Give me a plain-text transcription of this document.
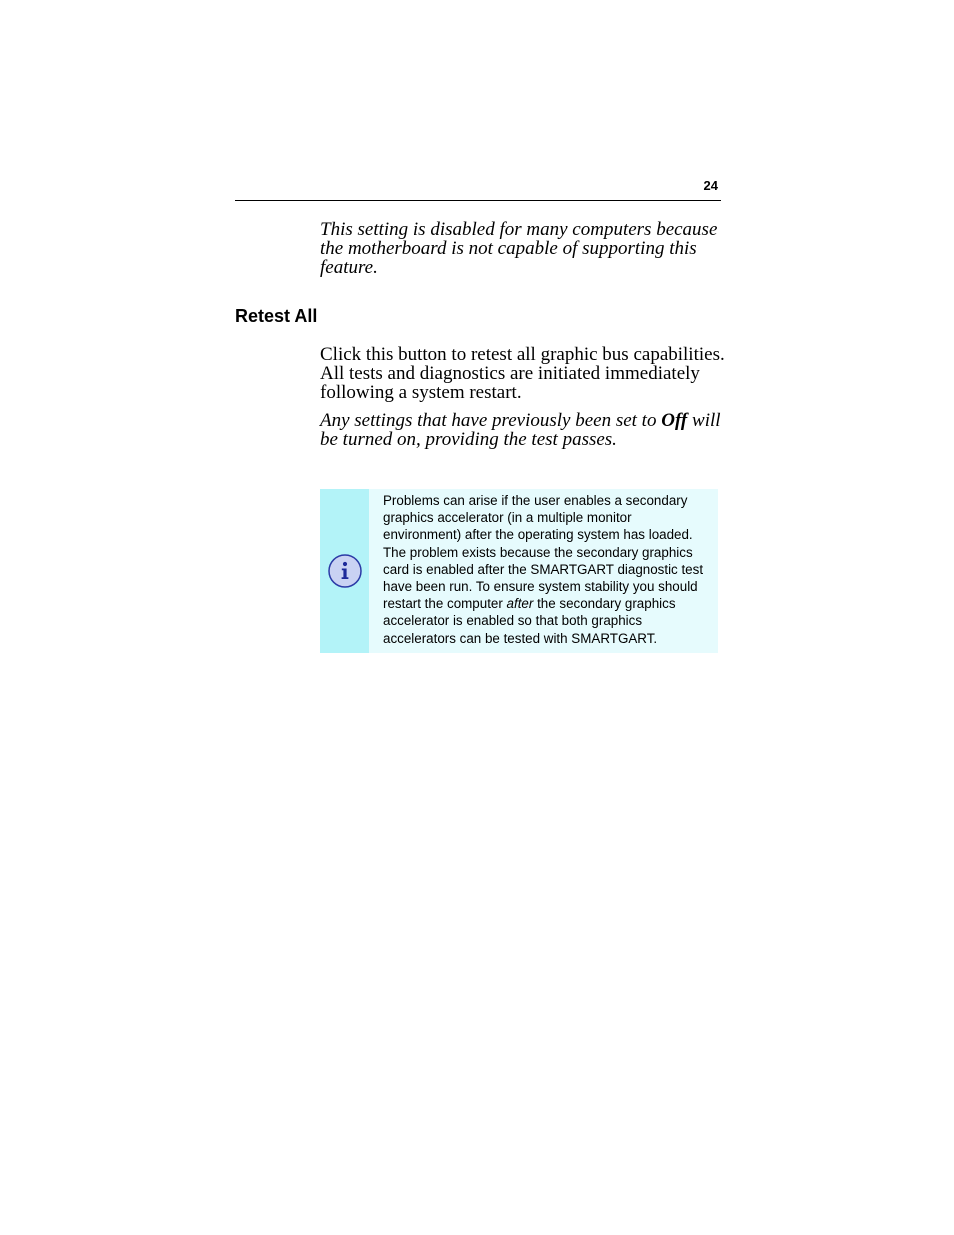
24

This setting is disabled for many computers because the motherboard is not capable of supporting this feature.

Retest All

Click this button to retest all graphic bus capabilities. All tests and diagnostics are initiated immediately following a system restart.

Any settings that have previously been set to Off will be turned on, providing the test passes.

Problems can arise if the user enables a secondary graphics accelerator (in a multiple monitor environment) after the operating system has loaded. The problem exists because the secondary graphics card is enabled after the SMARTGART diagnostic test have been run. To ensure system stability you should restart the computer after the secondary graphics accelerator is enabled so that both graphics accelerators can be tested with SMARTGART.
